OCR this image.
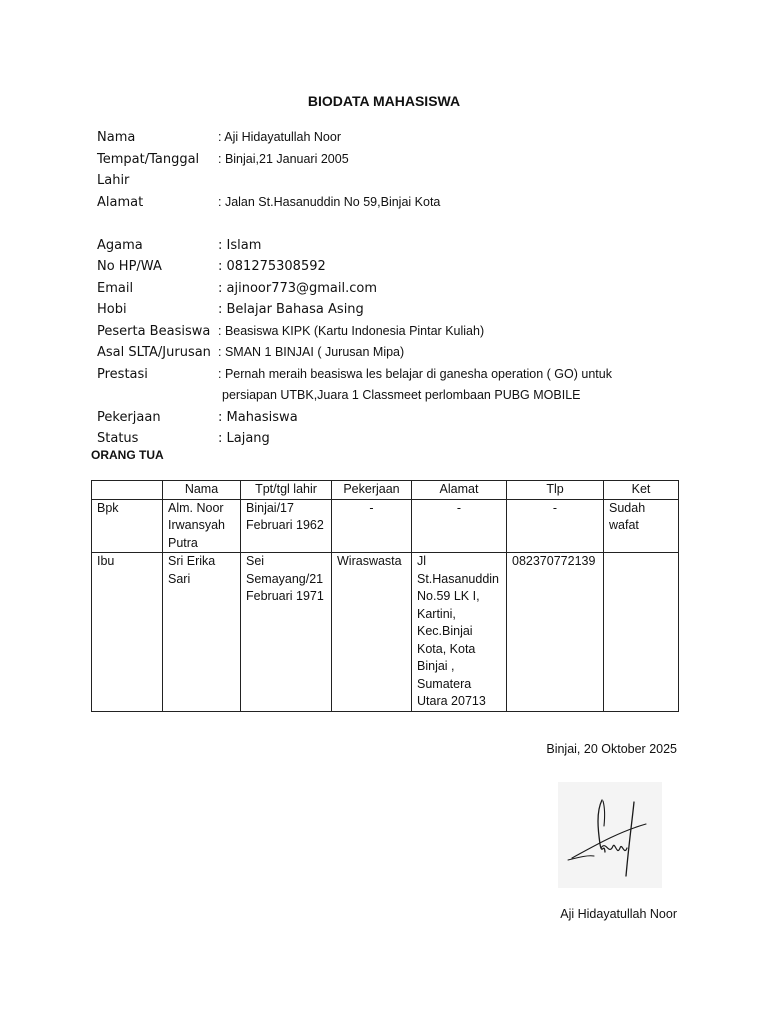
BIODATA MAHASISWA
Nama	: Aji Hidayatullah Noor
Tempat/Tanggal	: Binjai,21 Januari 2005
Lahir
Alamat	: Jalan St.Hasanuddin No 59,Binjai Kota
Agama	: Islam
No HP/WA	: 081275308592
Email	: ajinoor773@gmail.com
Hobi	: Belajar Bahasa Asing
Peserta Beasiswa : Beasiswa KIPK (Kartu Indonesia Pintar Kuliah)
Asal SLTA/Jurusan : SMAN 1 BINJAI ( Jurusan Mipa)
Prestasi	: Pernah meraih beasiswa les belajar di ganesha operation ( GO) untuk
persiapan UTBK,Juara 1 Classmeet perlombaan PUBG MOBILE
Pekerjaan	: Mahasiswa
Status	: Lajang
ORANG TUA
	Nama	Tpt/tgl lahir	Pekerjaan	Alamat	Tlp	Ket
Bpk	Alm. Noor Irwansyah Putra	Binjai/17 Februari 1962	-	-	-	Sudah wafat
Ibu	Sri Erika Sari	Sei Semayang/21 Februari 1971	Wiraswasta	Jl St.Hasanuddin No.59 LK I, Kartini, Kec.Binjai Kota, Kota Binjai , Sumatera Utara 20713	082370772139	
Binjai, 20 Oktober 2025
Aji Hidayatullah Noor
